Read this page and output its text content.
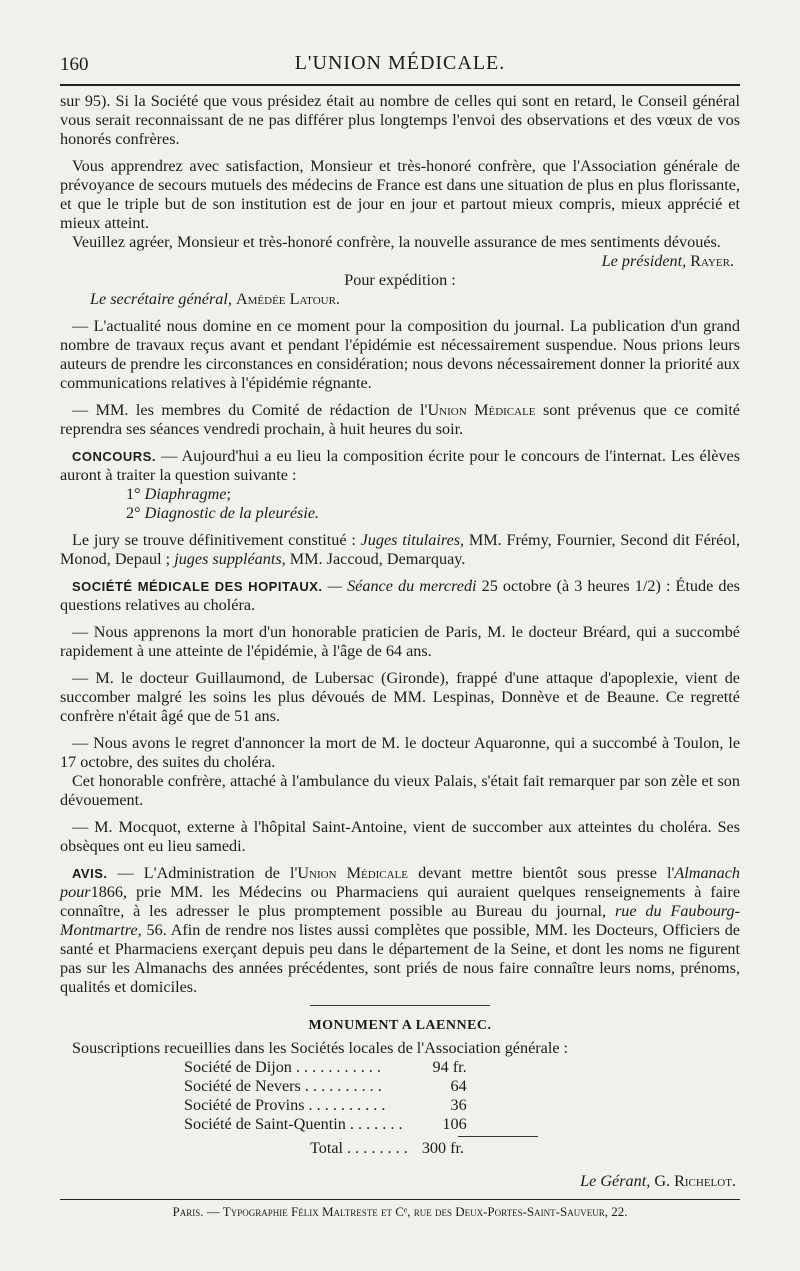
160	L'UNION MÉDICALE.

sur 95). Si la Société que vous présidez était au nombre de celles qui sont en retard, le Conseil général vous serait reconnaissant de ne pas différer plus longtemps l'envoi des observations et des vœux de vos honorés confrères.

Vous apprendrez avec satisfaction, Monsieur et très-honoré confrère, que l'Association générale de prévoyance de secours mutuels des médecins de France est dans une situation de plus en plus florissante, et que le triple but de son institution est de jour en jour et partout mieux compris, mieux apprécié et mieux atteint.

Veuillez agréer, Monsieur et très-honoré confrère, la nouvelle assurance de mes sentiments dévoués.

Le président, Rayer.

Pour expédition :

Le secrétaire général, Amédée Latour.

— L'actualité nous domine en ce moment pour la composition du journal. La publication d'un grand nombre de travaux reçus avant et pendant l'épidémie est nécessairement suspendue. Nous prions leurs auteurs de prendre les circonstances en considération; nous devons nécessairement donner la priorité aux communications relatives à l'épidémie régnante.

— MM. les membres du Comité de rédaction de l'Union Médicale sont prévenus que ce comité reprendra ses séances vendredi prochain, à huit heures du soir.

CONCOURS. — Aujourd'hui a eu lieu la composition écrite pour le concours de l'internat. Les élèves auront à traiter la question suivante :

1° Diaphragme;

2° Diagnostic de la pleurésie.

Le jury se trouve définitivement constitué : Juges titulaires, MM. Frémy, Fournier, Second dit Féréol, Monod, Depaul ; juges suppléants, MM. Jaccoud, Demarquay.

SOCIÉTÉ MÉDICALE DES HOPITAUX. — Séance du mercredi 25 octobre (à 3 heures 1/2) : Étude des questions relatives au choléra.

— Nous apprenons la mort d'un honorable praticien de Paris, M. le docteur Bréard, qui a succombé rapidement à une atteinte de l'épidémie, à l'âge de 64 ans.

— M. le docteur Guillaumond, de Lubersac (Gironde), frappé d'une attaque d'apoplexie, vient de succomber malgré les soins les plus dévoués de MM. Lespinas, Donnève et de Beaune. Ce regretté confrère n'était âgé que de 51 ans.

— Nous avons le regret d'annoncer la mort de M. le docteur Aquaronne, qui a succombé à Toulon, le 17 octobre, des suites du choléra.

Cet honorable confrère, attaché à l'ambulance du vieux Palais, s'était fait remarquer par son zèle et son dévouement.

— M. Mocquot, externe à l'hôpital Saint-Antoine, vient de succomber aux atteintes du choléra. Ses obsèques ont eu lieu samedi.

AVIS. — L'Administration de l'Union Médicale devant mettre bientôt sous presse l'Almanach pour1866, prie MM. les Médecins ou Pharmaciens qui auraient quelques renseignements à faire connaître, à les adresser le plus promptement possible au Bureau du journal, rue du Faubourg-Montmartre, 56. Afin de rendre nos listes aussi complètes que possible, MM. les Docteurs, Officiers de santé et Pharmaciens exerçant depuis peu dans le département de la Seine, et dont les noms ne figurent pas sur les Almanachs des années précédentes, sont priés de nous faire connaître leurs noms, prénoms, qualités et domiciles.

MONUMENT A LAENNEC.

Souscriptions recueillies dans les Sociétés locales de l'Association générale :

Société de Dijon . . . . . . . . . . .	94 fr.
Société de Nevers . . . . . . . . . .	64
Société de Provins . . . . . . . . . .	36
Société de Saint-Quentin . . . . . . .	106
Total . . . . . . . . 300 fr.
Le Gérant, G. Richelot.
Paris. — Typographie Félix Maltreste et Cᵉ, rue des Deux-Portes-Saint-Sauveur, 22.
